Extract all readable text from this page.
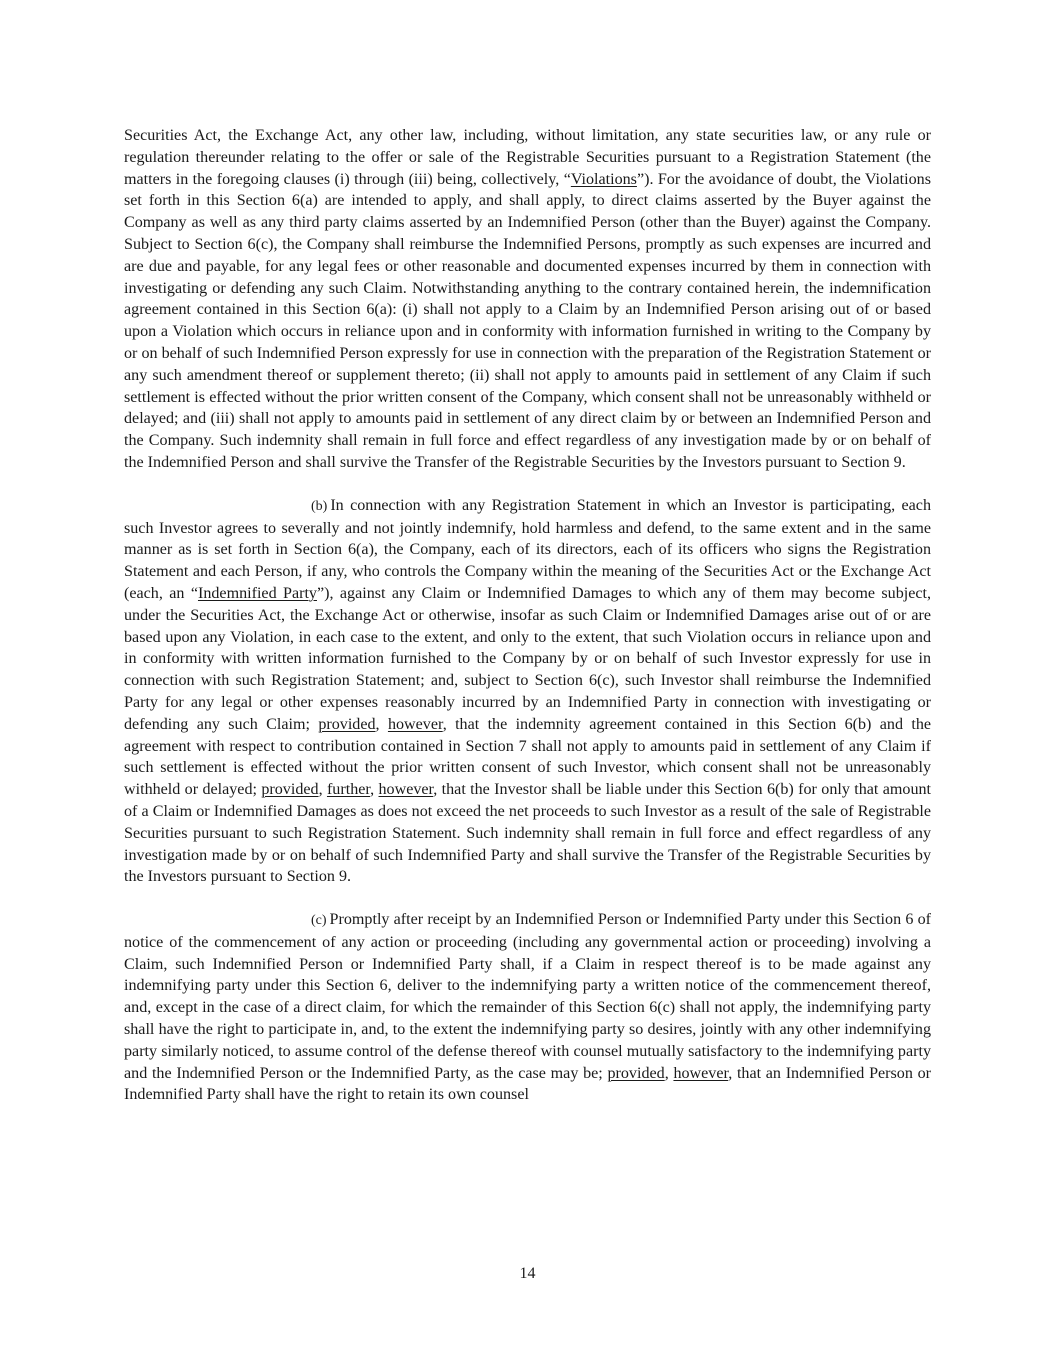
Securities Act, the Exchange Act, any other law, including, without limitation, any state securities law, or any rule or regulation thereunder relating to the offer or sale of the Registrable Securities pursuant to a Registration Statement (the matters in the foregoing clauses (i) through (iii) being, collectively, “Violations”). For the avoidance of doubt, the Violations set forth in this Section 6(a) are intended to apply, and shall apply, to direct claims asserted by the Buyer against the Company as well as any third party claims asserted by an Indemnified Person (other than the Buyer) against the Company. Subject to Section 6(c), the Company shall reimburse the Indemnified Persons, promptly as such expenses are incurred and are due and payable, for any legal fees or other reasonable and documented expenses incurred by them in connection with investigating or defending any such Claim. Notwithstanding anything to the contrary contained herein, the indemnification agreement contained in this Section 6(a): (i) shall not apply to a Claim by an Indemnified Person arising out of or based upon a Violation which occurs in reliance upon and in conformity with information furnished in writing to the Company by or on behalf of such Indemnified Person expressly for use in connection with the preparation of the Registration Statement or any such amendment thereof or supplement thereto; (ii) shall not apply to amounts paid in settlement of any Claim if such settlement is effected without the prior written consent of the Company, which consent shall not be unreasonably withheld or delayed; and (iii) shall not apply to amounts paid in settlement of any direct claim by or between an Indemnified Person and the Company. Such indemnity shall remain in full force and effect regardless of any investigation made by or on behalf of the Indemnified Person and shall survive the Transfer of the Registrable Securities by the Investors pursuant to Section 9.

(b) In connection with any Registration Statement in which an Investor is participating, each such Investor agrees to severally and not jointly indemnify, hold harmless and defend, to the same extent and in the same manner as is set forth in Section 6(a), the Company, each of its directors, each of its officers who signs the Registration Statement and each Person, if any, who controls the Company within the meaning of the Securities Act or the Exchange Act (each, an “Indemnified Party”), against any Claim or Indemnified Damages to which any of them may become subject, under the Securities Act, the Exchange Act or otherwise, insofar as such Claim or Indemnified Damages arise out of or are based upon any Violation, in each case to the extent, and only to the extent, that such Violation occurs in reliance upon and in conformity with written information furnished to the Company by or on behalf of such Investor expressly for use in connection with such Registration Statement; and, subject to Section 6(c), such Investor shall reimburse the Indemnified Party for any legal or other expenses reasonably incurred by an Indemnified Party in connection with investigating or defending any such Claim; provided, however, that the indemnity agreement contained in this Section 6(b) and the agreement with respect to contribution contained in Section 7 shall not apply to amounts paid in settlement of any Claim if such settlement is effected without the prior written consent of such Investor, which consent shall not be unreasonably withheld or delayed; provided, further, however, that the Investor shall be liable under this Section 6(b) for only that amount of a Claim or Indemnified Damages as does not exceed the net proceeds to such Investor as a result of the sale of Registrable Securities pursuant to such Registration Statement. Such indemnity shall remain in full force and effect regardless of any investigation made by or on behalf of such Indemnified Party and shall survive the Transfer of the Registrable Securities by the Investors pursuant to Section 9.

(c) Promptly after receipt by an Indemnified Person or Indemnified Party under this Section 6 of notice of the commencement of any action or proceeding (including any governmental action or proceeding) involving a Claim, such Indemnified Person or Indemnified Party shall, if a Claim in respect thereof is to be made against any indemnifying party under this Section 6, deliver to the indemnifying party a written notice of the commencement thereof, and, except in the case of a direct claim, for which the remainder of this Section 6(c) shall not apply, the indemnifying party shall have the right to participate in, and, to the extent the indemnifying party so desires, jointly with any other indemnifying party similarly noticed, to assume control of the defense thereof with counsel mutually satisfactory to the indemnifying party and the Indemnified Person or the Indemnified Party, as the case may be; provided, however, that an Indemnified Person or Indemnified Party shall have the right to retain its own counsel

14
